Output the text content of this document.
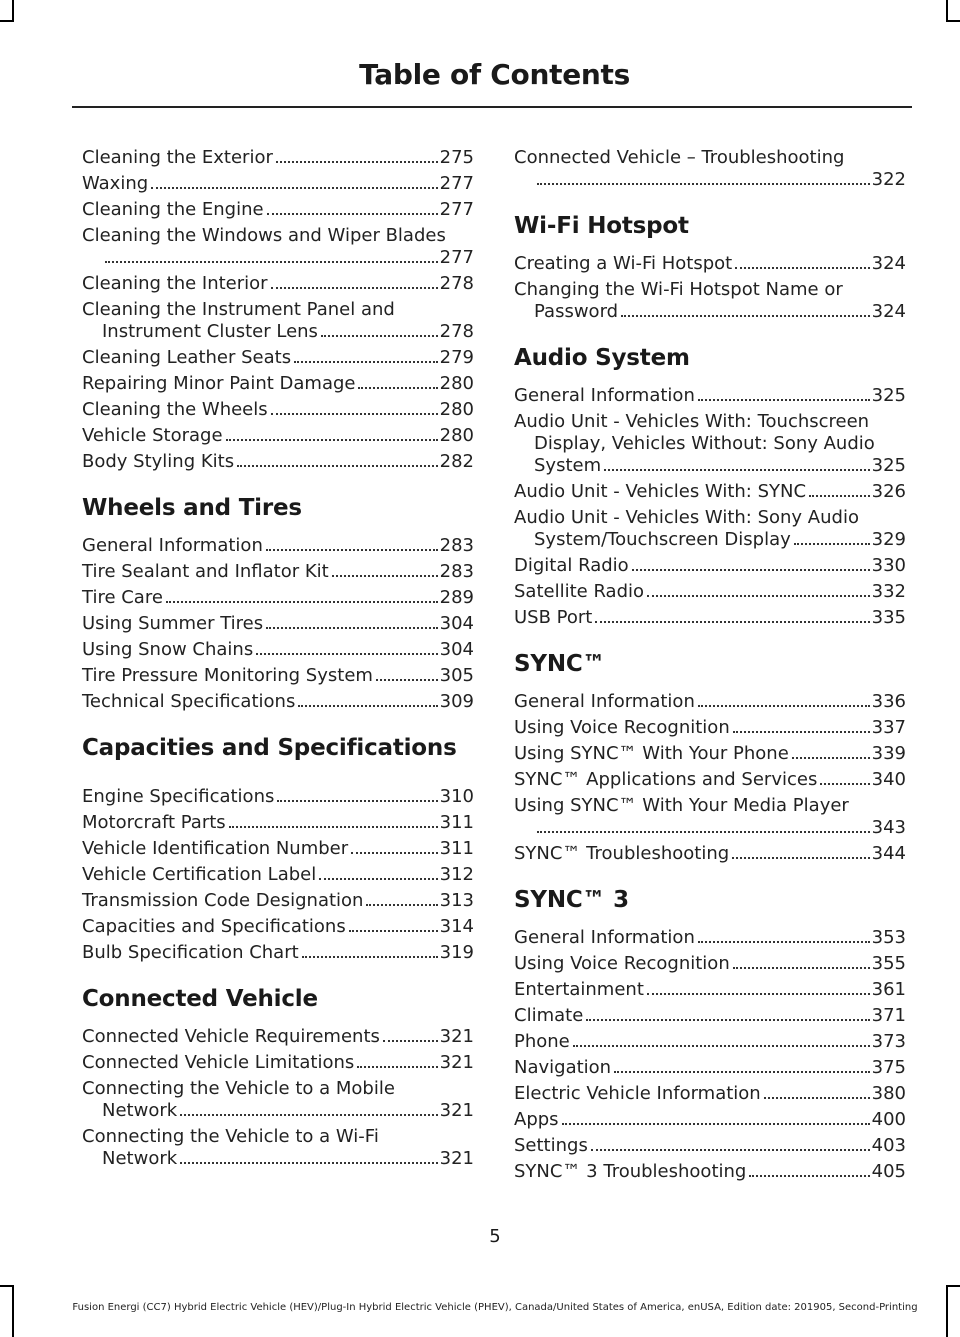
Table of Contents
Cleaning the Exterior	275
Waxing	277
Cleaning the Engine	277
Cleaning the Windows and Wiper Blades
277
Cleaning the Interior	278
Cleaning the Instrument Panel and
Instrument Cluster Lens	278
Cleaning Leather Seats	279
Repairing Minor Paint Damage	280
Cleaning the Wheels	280
Vehicle Storage	280
Body Styling Kits	282
Wheels and Tires
General Information	283
Tire Sealant and Inflator Kit	283
Tire Care	289
Using Summer Tires	304
Using Snow Chains	304
Tire Pressure Monitoring System	305
Technical Specifications	309
Capacities and Specifications
Engine Specifications	310
Motorcraft Parts	311
Vehicle Identification Number	311
Vehicle Certification Label	312
Transmission Code Designation	313
Capacities and Specifications	314
Bulb Specification Chart	319
Connected Vehicle
Connected Vehicle Requirements	321
Connected Vehicle Limitations	321
Connecting the Vehicle to a Mobile
Network	321
Connecting the Vehicle to a Wi-Fi
Network	321
Connected Vehicle – Troubleshooting
322
Wi-Fi Hotspot
Creating a Wi-Fi Hotspot	324
Changing the Wi-Fi Hotspot Name or
Password	324
Audio System
General Information	325
Audio Unit - Vehicles With: Touchscreen
Display, Vehicles Without: Sony Audio
System	325
Audio Unit - Vehicles With: SYNC	326
Audio Unit - Vehicles With: Sony Audio
System/Touchscreen Display	329
Digital Radio	330
Satellite Radio	332
USB Port	335
SYNC™
General Information	336
Using Voice Recognition	337
Using SYNC™ With Your Phone	339
SYNC™ Applications and Services	340
Using SYNC™ With Your Media Player
343
SYNC™ Troubleshooting	344
SYNC™ 3
General Information	353
Using Voice Recognition	355
Entertainment	361
Climate	371
Phone	373
Navigation	375
Electric Vehicle Information	380
Apps	400
Settings	403
SYNC™ 3 Troubleshooting	405
5
Fusion Energi (CC7) Hybrid Electric Vehicle (HEV)/Plug-In Hybrid Electric Vehicle (PHEV), Canada/United States of America, enUSA, Edition date: 201905, Second-Printing
